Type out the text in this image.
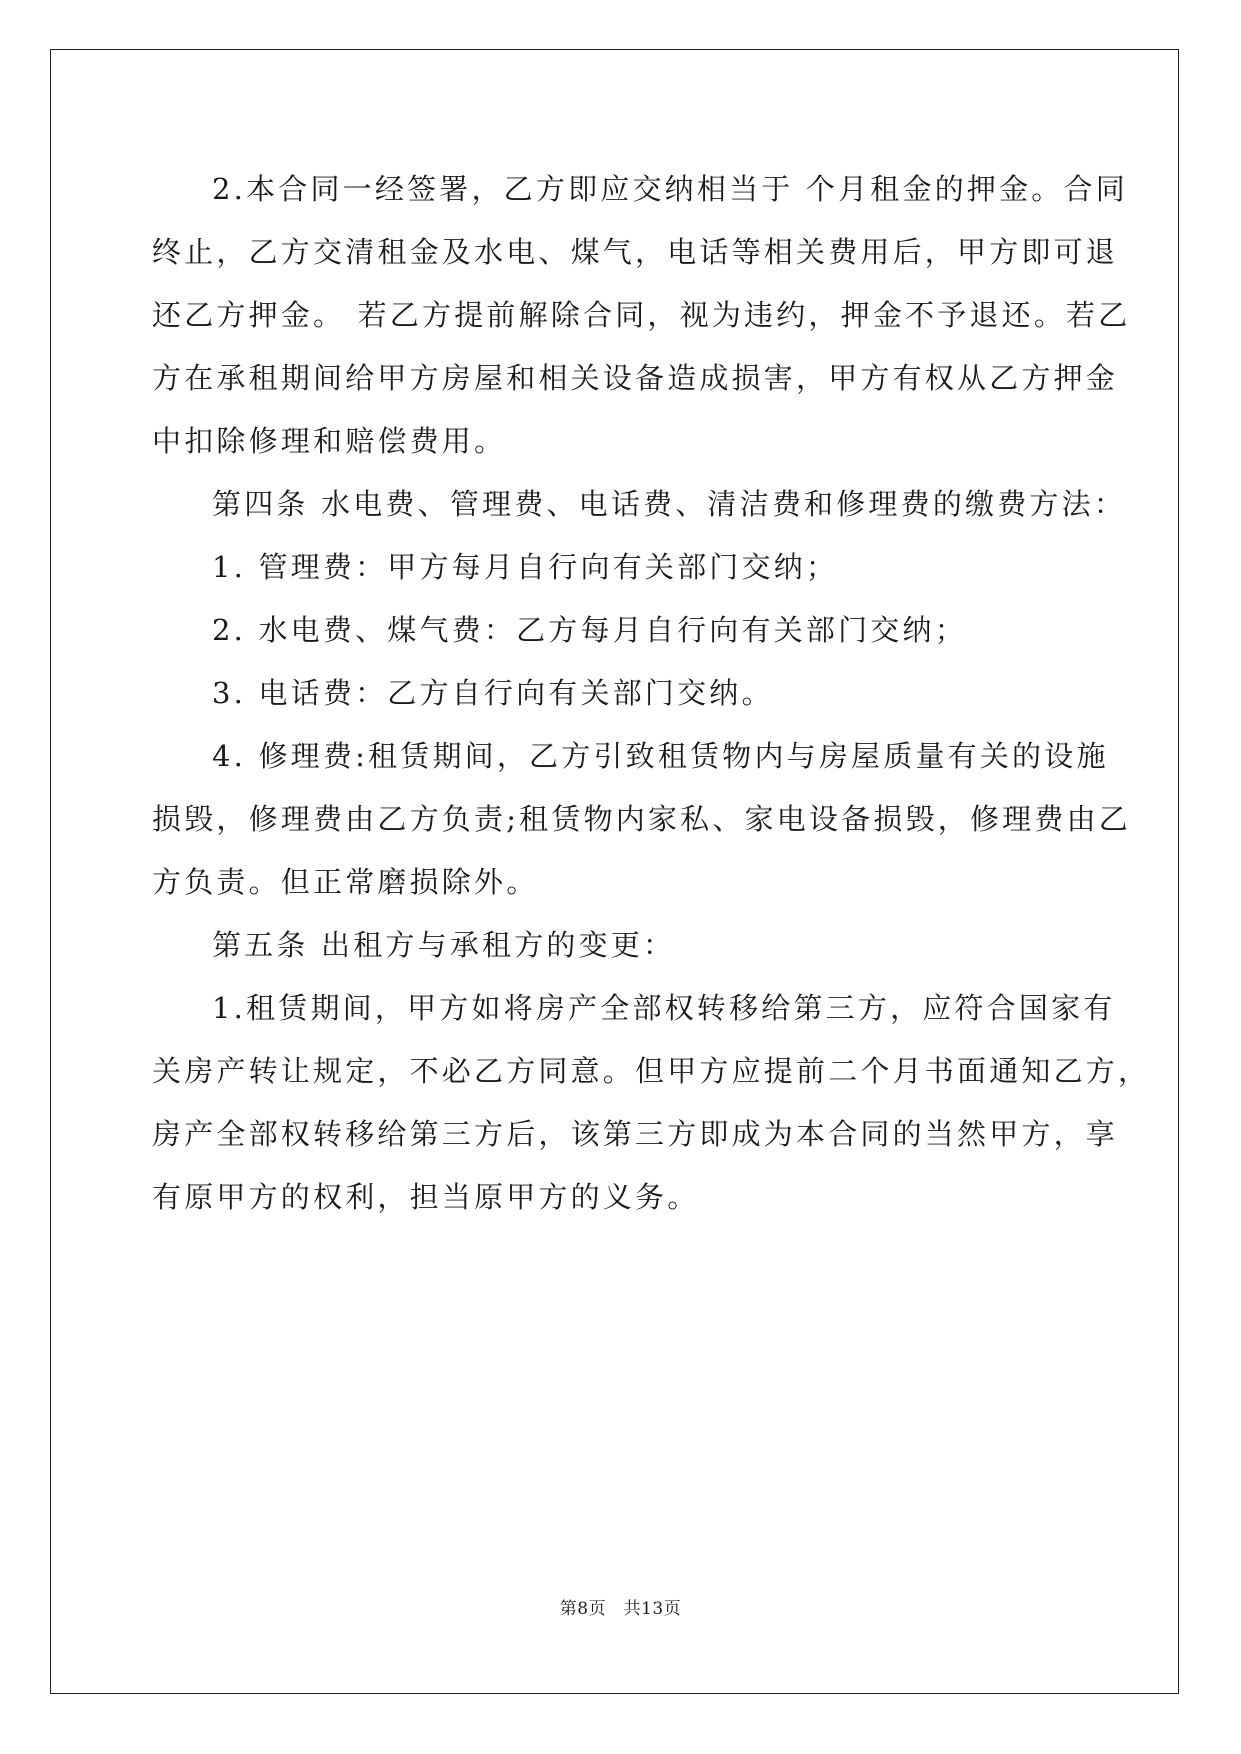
2.本合同一经签署，乙方即应交纳相当于 个月租金的押金。合同
终止，乙方交清租金及水电、煤气，电话等相关费用后，甲方即可退
还乙方押金。 若乙方提前解除合同，视为违约，押金不予退还。若乙
方在承租期间给甲方房屋和相关设备造成损害，甲方有权从乙方押金
中扣除修理和赔偿费用。
第四条 水电费、管理费、电话费、清洁费和修理费的缴费方法：
1. 管理费：甲方每月自行向有关部门交纳；
2. 水电费、煤气费：乙方每月自行向有关部门交纳；
3. 电话费：乙方自行向有关部门交纳。
4. 修理费:租赁期间，乙方引致租赁物内与房屋质量有关的设施
损毁，修理费由乙方负责;租赁物内家私、家电设备损毁，修理费由乙
方负责。但正常磨损除外。
第五条 出租方与承租方的变更：
1.租赁期间，甲方如将房产全部权转移给第三方，应符合国家有
关房产转让规定，不必乙方同意。但甲方应提前二个月书面通知乙方，
房产全部权转移给第三方后，该第三方即成为本合同的当然甲方，享
有原甲方的权利，担当原甲方的义务。
第8页　共13页
